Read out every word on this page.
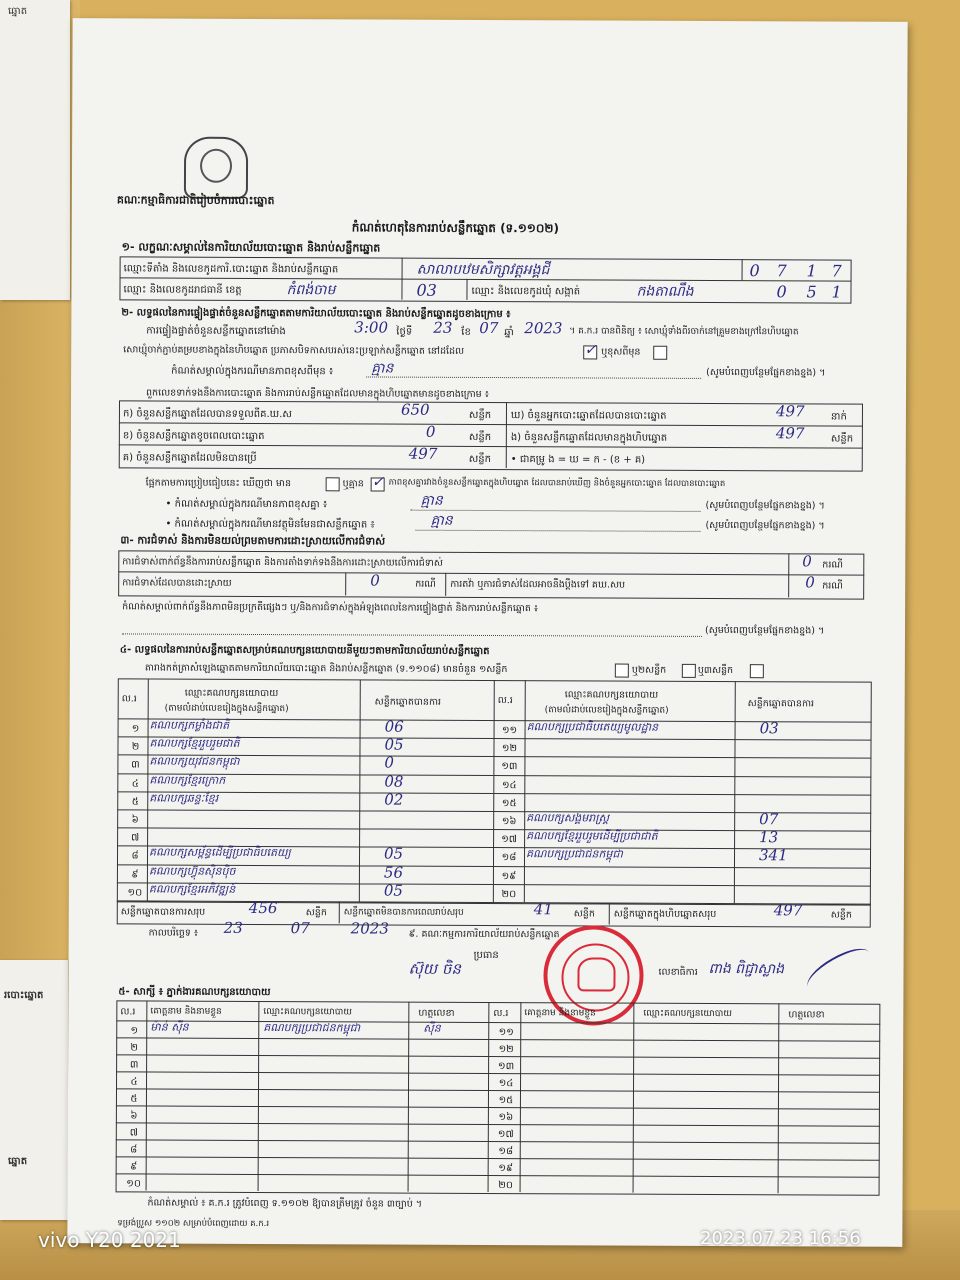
ឆ្នោត
របោះឆ្នោត
ឆ្នោត
គណៈកម្មាធិការជាតិរៀបចំការបោះឆ្នោត
កំណត់ហេតុនៃការរាប់សន្លឹកឆ្នោត (ទ.១១០២)
១- លក្ខណៈសម្គាល់នៃការិយាល័យបោះឆ្នោត និងរាប់សន្លឹកឆ្នោត
ឈ្មោះទីតាំង និងលេខកូដការិ.បោះឆ្នោត និងរាប់សន្លឹកឆ្នោត	សាលាបឋមសិក្សាវត្តអង្គជី	0 7 1 7
ឈ្មោះ និងលេខកូដរាជធានី ខេត្ត	កំពង់ចាម	03	ឈ្មោះ និងលេខកូដឃុំ សង្កាត់	កងតាណឹង	0 5 1
២- លទ្ធផលនៃការផ្ទៀងផ្ទាត់ចំនួនសន្លឹកឆ្នោតតាមការិយាល័យបោះឆ្នោត និងរាប់សន្លឹកឆ្នោតដូចខាងក្រោម ៖
ការផ្ទៀងផ្ទាត់ចំនួនសន្លឹកឆ្នោតនៅម៉ោង	3:00 ថ្ងៃទី 23 ខែ 07 ឆ្នាំ 2023 ។ គ.ក.រ បានពិនិត្យ ៖ សោឃ្មុំទាំងពីរចាក់នៅគ្រួមខាងក្រៅនៃហិបឆ្នោត
សោឃ្មុំចាក់ភ្ជាប់គម្របខាងក្នុងនៃហិបឆ្នោត ប្រភាសបិទកាសបរស់នេះប្រឡាក់សន្លឹកឆ្នោត នៅដដែល	✓ ឬខុសពីមុន
កំណត់សម្គាល់ក្នុងករណីមានភាពខុសពីមុន ៖	គ្មាន	(សូមបំពេញបន្ថែមផ្នែកខាងខ្នង) ។
ពួកលេខទាក់ទងនឹងការបោះឆ្នោត និងការរាប់សន្លឹកឆ្នោតដែលមានក្នុងហិបឆ្នោតមានដូចខាងក្រោម ៖
ក) ចំនួនសន្លឹកឆ្នោតដែលបានទទួលពីគ.ឃ.ស	650	សន្លឹក
ខ) ចំនួនសន្លឹកឆ្នោតខូចពេលបោះឆ្នោត	0	សន្លឹក
គ) ចំនួនសន្លឹកឆ្នោតដែលមិនបានប្រើ	497	សន្លឹក
ឃ) ចំនួនអ្នកបោះឆ្នោតដែលបានបោះឆ្នោត	497	នាក់
ង) ចំនួនសន្លឹកឆ្នោតដែលមានក្នុងហិបឆ្នោត	497	សន្លឹក
• ជាគម្រូ ង = ឃ = ក - (ខ + គ)
ផ្អែកតាមការប្រៀបធៀបនេះ ឃើញថា មាន	ឬគ្មាន ✓ ភាពខុសគ្នារវាងចំនួនសន្លឹកឆ្នោតក្នុងហិបឆ្នោត ដែលបានរាប់ឃើញ និងចំនួនអ្នកបោះឆ្នោត ដែលបានបោះឆ្នោត
• កំណត់សម្គាល់ក្នុងករណីមានភាពខុសគ្នា ៖	គ្មាន	(សូមបំពេញបន្ថែមផ្នែកខាងខ្នង) ។
• កំណត់សម្គាល់ក្នុងករណីមានវត្ថុមិនមែនជាសន្លឹកឆ្នោត ៖	គ្មាន	(សូមបំពេញបន្ថែមផ្នែកខាងខ្នង) ។
៣- ការជំទាស់ និងការមិនយល់ព្រមតាមការដោះស្រាយលើការជំទាស់
ការជំទាស់ពាក់ព័ន្ធនឹងការរាប់សន្លឹកឆ្នោត និងការតាំងទាក់ទងនឹងការដោះស្រាយលើការជំទាស់	0 ករណី
ការជំទាស់ដែលបានដោះស្រាយ	0	ករណី ការតវ៉ា ឬការជំទាស់ដែលអាចនឹងប្ដឹងទៅ គឃ.សប	0 ករណី
កំណត់សម្គាល់ពាក់ព័ន្ធនឹងភាពមិនប្រក្រតីផ្សេងៗ ឬ/និងការជំទាស់ក្នុងអំឡុងពេលនៃការផ្ទៀងផ្ទាត់ និងការរាប់សន្លឹកឆ្នោត ៖
(សូមបំពេញបន្ថែមផ្នែកខាងខ្នង) ។
៤- លទ្ធផលនៃការរាប់សន្លឹកឆ្នោតសម្រាប់គណបក្សនយោបាយនីមួយៗតាមការិយាល័យរាប់សន្លឹកឆ្នោត
តារាងកត់ត្រាសំឡេងឆ្នោតតាមការិយាល័យបោះឆ្នោត និងរាប់សន្លឹកឆ្នោត (ទ.១១០៨) មានចំនួន ១សន្លឹក	ឬ២សន្លឹក	ឬ៣សន្លឹក
ល.រ	ឈ្មោះគណបក្សនយោបាយ
(តាមលំដាប់លេខរៀងក្នុងសន្លឹកឆ្នោត)
សន្លឹកឆ្នោតបានការ	ល.រ	ឈ្មោះគណបក្សនយោបាយ
(តាមលំដាប់លេខរៀងក្នុងសន្លឹកឆ្នោត)
សន្លឹកឆ្នោតបានការ
១ គណបក្សកម្លាំងជាតិ	06
២ គណបក្សខ្មែររួបរួមជាតិ	05
៣ គណបក្សយុវជនកម្ពុជា	0
៤ គណបក្សខ្មែរក្រោក	08
៥ គណបក្សឆន្ទៈខ្មែរ	02
៦
៧
៨ គណបក្សសម្ព័ន្ធដើម្បីប្រជាធិបតេយ្យ	05
៩ គណបក្សហ៊្វុនស៊ិនប៉ិច	56
១០ គណបក្សខ្មែរអភិវឌ្ឍន៍	05
១១ គណបក្សប្រជាធិបតេយ្យមូលដ្ឋាន	03
១២
១៣
១៤
១៥
១៦ គណបក្សសង្គមរាស្ត្រ	07
១៧ គណបក្សខ្មែររួបរួមដើម្បីប្រជាជាតិ	13
១៨ គណបក្សប្រជាជនកម្ពុជា	341
១៩
២០
សន្លឹកឆ្នោតបានការសរុប	456	សន្លឹក សន្លឹកឆ្នោតមិនបានការពេលរាប់សរុប	41 សន្លឹក សន្លឹកឆ្នោតក្នុងហិបឆ្នោតសរុប	497	សន្លឹក
កាលបរិច្ឆេទ ៖ 23	07	2023 ៩. គណៈកម្មការការិយាល័យរាប់សន្លឹកឆ្នោត
ប្រធាន
ស៊ុយ ចិន	លេខាធិការ ពាង ពិជ្ជាស្លាង
៥- សាក្សី ៖ ភ្នាក់ងារគណបក្សនយោបាយ
ល.រ គោត្តនាម និងនាមខ្លួន	ឈ្មោះគណបក្សនយោបាយ	ហត្ថលេខា	ល.រ គោត្តនាម និងនាមខ្លួន	ឈ្មោះគណបក្សនយោបាយ	ហត្ថលេខា
១	ម៉ាន់ ស៊ីន	គណបក្សប្រជាជនកម្ពុជា	ស៊ីន
២
៣
៤
៥
៦
៧
៨
៩
១០
១១
១២
១៣
១៤
១៥
១៦
១៧
១៨
១៩
២០
កំណត់សម្គាល់ ៖ គ.ក.រ ត្រូវបំពេញ ទ.១១០២ ឱ្យបានត្រឹមត្រូវ ចំនួន ៣ច្បាប់ ។
ទម្រង់ប្រួស ១១០២ សម្រាប់បំពេញដោយ គ.ក.រ
vivo Y20 2021	2023.07.23 16:56
